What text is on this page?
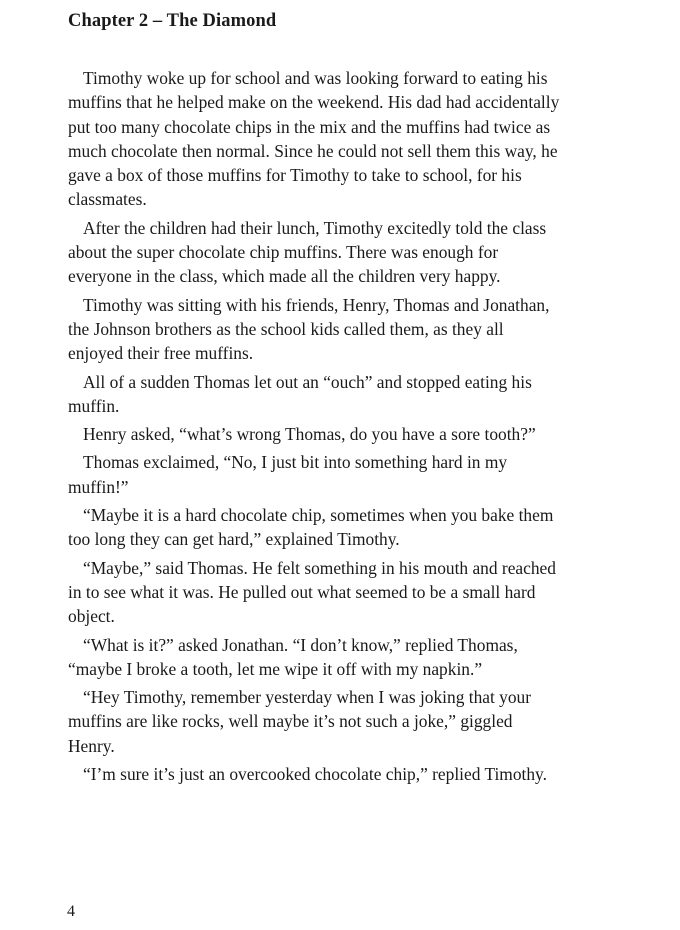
Chapter 2 – The Diamond

Timothy woke up for school and was looking forward to eating his muffins that he helped make on the weekend. His dad had accidentally put too many chocolate chips in the mix and the muffins had twice as much chocolate then normal. Since he could not sell them this way, he gave a box of those muffins for Timothy to take to school, for his classmates.

After the children had their lunch, Timothy excitedly told the class about the super chocolate chip muffins. There was enough for everyone in the class, which made all the children very happy.

Timothy was sitting with his friends, Henry, Thomas and Jonathan, the Johnson brothers as the school kids called them, as they all enjoyed their free muffins.

All of a sudden Thomas let out an “ouch” and stopped eating his muffin.

Henry asked, “what’s wrong Thomas, do you have a sore tooth?”

Thomas exclaimed, “No, I just bit into something hard in my muffin!”

“Maybe it is a hard chocolate chip, sometimes when you bake them too long they can get hard,” explained Timothy.

“Maybe,” said Thomas. He felt something in his mouth and reached in to see what it was. He pulled out what seemed to be a small hard object.

“What is it?” asked Jonathan. “I don’t know,” replied Thomas, “maybe I broke a tooth, let me wipe it off with my napkin.”

“Hey Timothy, remember yesterday when I was joking that your muffins are like rocks, well maybe it’s not such a joke,” giggled Henry.

“I’m sure it’s just an overcooked chocolate chip,” replied Timothy.

4
